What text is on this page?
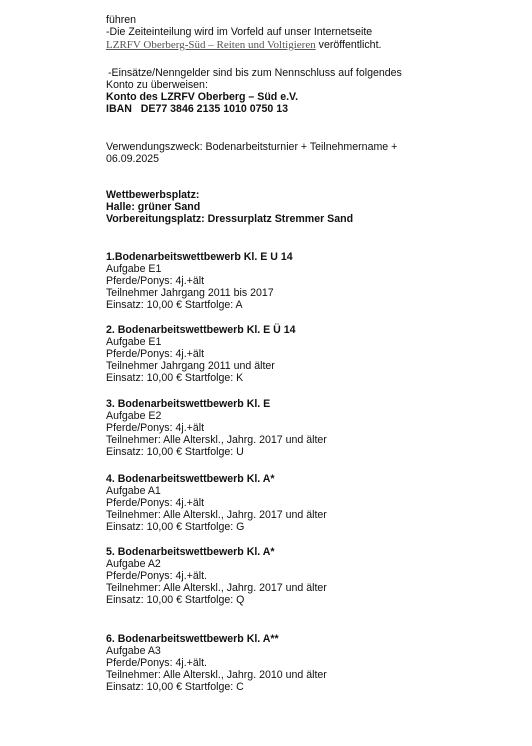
führen
-Die Zeiteinteilung wird im Vorfeld auf unser Internetseite
LZRFV Oberberg-Süd – Reiten und Voltigieren veröffentlicht.
-Einsätze/Nenngelder sind bis zum Nennschluss auf folgendes
Konto zu überweisen:
Konto des LZRFV Oberberg – Süd e.V.
IBAN   DE77 3846 2135 1010 0750 13
Verwendungszweck: Bodenarbeitsturnier + Teilnehmername +
06.09.2025
Wettbewerbsplatz:
Halle: grüner Sand
Vorbereitungsplatz: Dressurplatz Stremmer Sand
1.Bodenarbeitswettbewerb Kl. E U 14
Aufgabe E1
Pferde/Ponys: 4j.+ält
Teilnehmer Jahrgang 2011 bis 2017
Einsatz: 10,00 € Startfolge: A
2. Bodenarbeitswettbewerb Kl. E Ü 14
Aufgabe E1
Pferde/Ponys: 4j.+ält
Teilnehmer Jahrgang 2011 und älter
Einsatz: 10,00 € Startfolge: K
3. Bodenarbeitswettbewerb Kl. E
Aufgabe E2
Pferde/Ponys: 4j.+ält
Teilnehmer: Alle Alterskl., Jahrg. 2017 und älter
Einsatz: 10,00 € Startfolge: U
4. Bodenarbeitswettbewerb Kl. A*
Aufgabe A1
Pferde/Ponys: 4j.+ält
Teilnehmer: Alle Alterskl., Jahrg. 2017 und älter
Einsatz: 10,00 € Startfolge: G
5. Bodenarbeitswettbewerb Kl. A*
Aufgabe A2
Pferde/Ponys: 4j.+ält.
Teilnehmer: Alle Alterskl., Jahrg. 2017 und älter
Einsatz: 10,00 € Startfolge: Q
6. Bodenarbeitswettbewerb Kl. A**
Aufgabe A3
Pferde/Ponys: 4j.+ält.
Teilnehmer: Alle Alterskl., Jahrg. 2010 und älter
Einsatz: 10,00 € Startfolge: C
